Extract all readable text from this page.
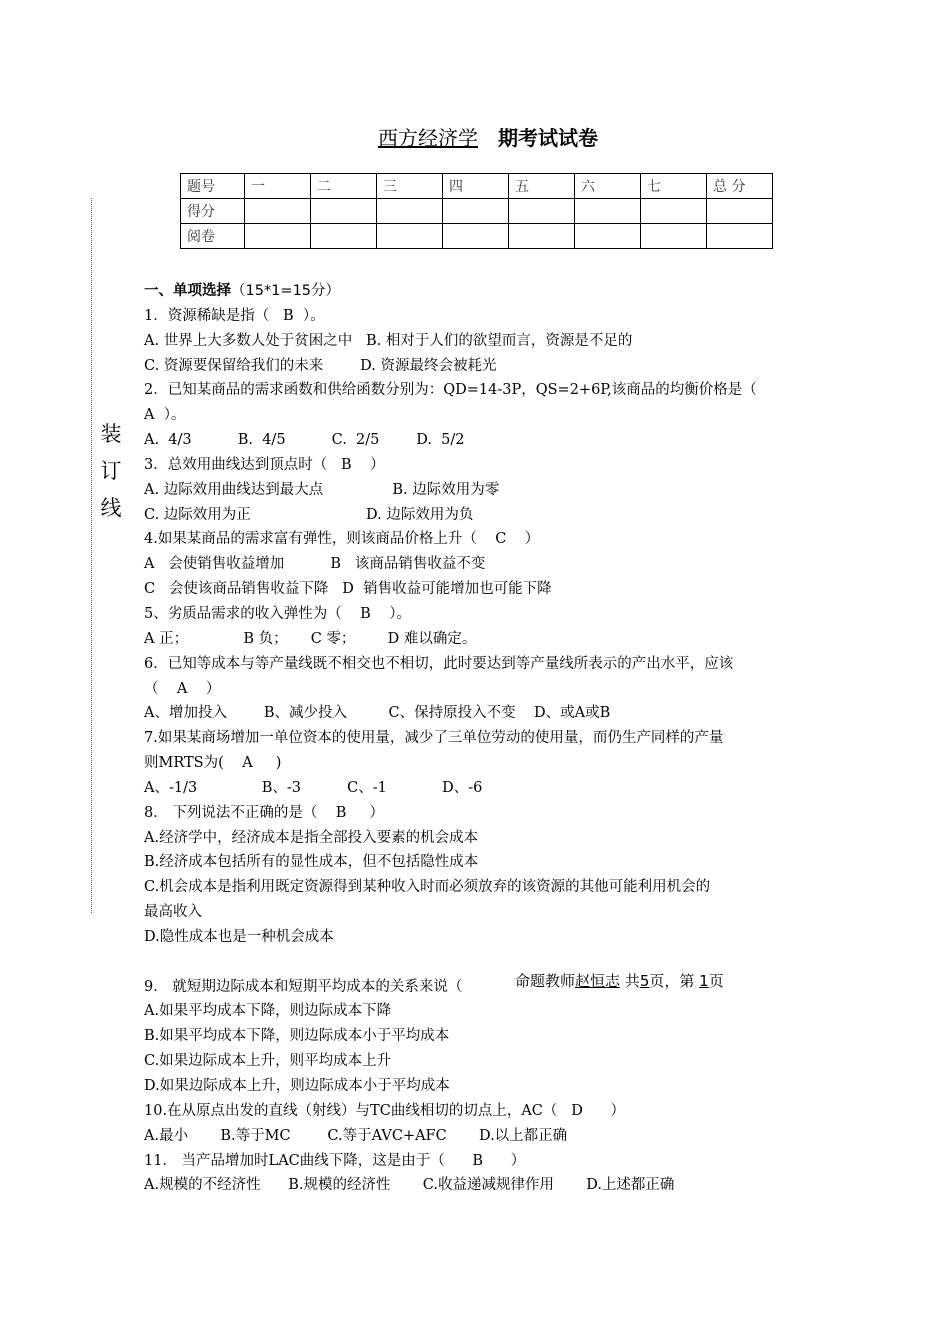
西方经济学 期考试试卷
题号	一	二	三	四	五	六	七	总 分
得分								
阅卷								
装
订
线
一、单项选择（15*1=15分）
1．资源稀缺是指（   B  ）。
A. 世界上大多数人处于贫困之中   B. 相对于人们的欲望而言，资源是不足的
C. 资源要保留给我们的未来        D. 资源最终会被耗光
2．已知某商品的需求函数和供给函数分别为：QD=14-3P，QS=2+6P,该商品的均衡价格是（
A  ）。
A.  4/3          B.  4/5          C.  2/5        D.  5/2
3．总效用曲线达到顶点时（   B    ）
A. 边际效用曲线达到最大点               B. 边际效用为零
C. 边际效用为正                         D. 边际效用为负
4.如果某商品的需求富有弹性，则该商品价格上升（    C    ）
A   会使销售收益增加          B   该商品销售收益不变
C   会使该商品销售收益下降   D  销售收益可能增加也可能下降
5、劣质品需求的收入弹性为（    B    ）。
A 正；            B 负；     C 零；       D 难以确定。
6．已知等成本与等产量线既不相交也不相切，此时要达到等产量线所表示的产出水平，应该
（    A    ）
A、增加投入        B、减少投入         C、保持原投入不变    D、或A或B
7.如果某商场增加一单位资本的使用量，减少了三单位劳动的使用量，而仍生产同样的产量
则MRTS为(    A     )
A、-1/3              B、-3          C、-1            D、-6
8． 下列说法不正确的是（    B     ）
A.经济学中，经济成本是指全部投入要素的机会成本
B.经济成本包括所有的显性成本，但不包括隐性成本
C.机会成本是指利用既定资源得到某种收入时而必须放弃的该资源的其他可能利用机会的
最高收入
D.隐性成本也是一种机会成本
9． 就短期边际成本和短期平均成本的关系来说（
A.如果平均成本下降，则边际成本下降
B.如果平均成本下降，则边际成本小于平均成本
C.如果边际成本上升，则平均成本上升
D.如果边际成本上升，则边际成本小于平均成本
10.在从原点出发的直线（射线）与TC曲线相切的切点上，AC（   D      ）
A.最小       B.等于MC        C.等于AVC+AFC       D.以上都正确
11． 当产品增加时LAC曲线下降，这是由于（      B      ）
A.规模的不经济性      B.规模的经济性       C.收益递减规律作用       D.上述都正确
命题教师赵恒志 共5页，第 1页
